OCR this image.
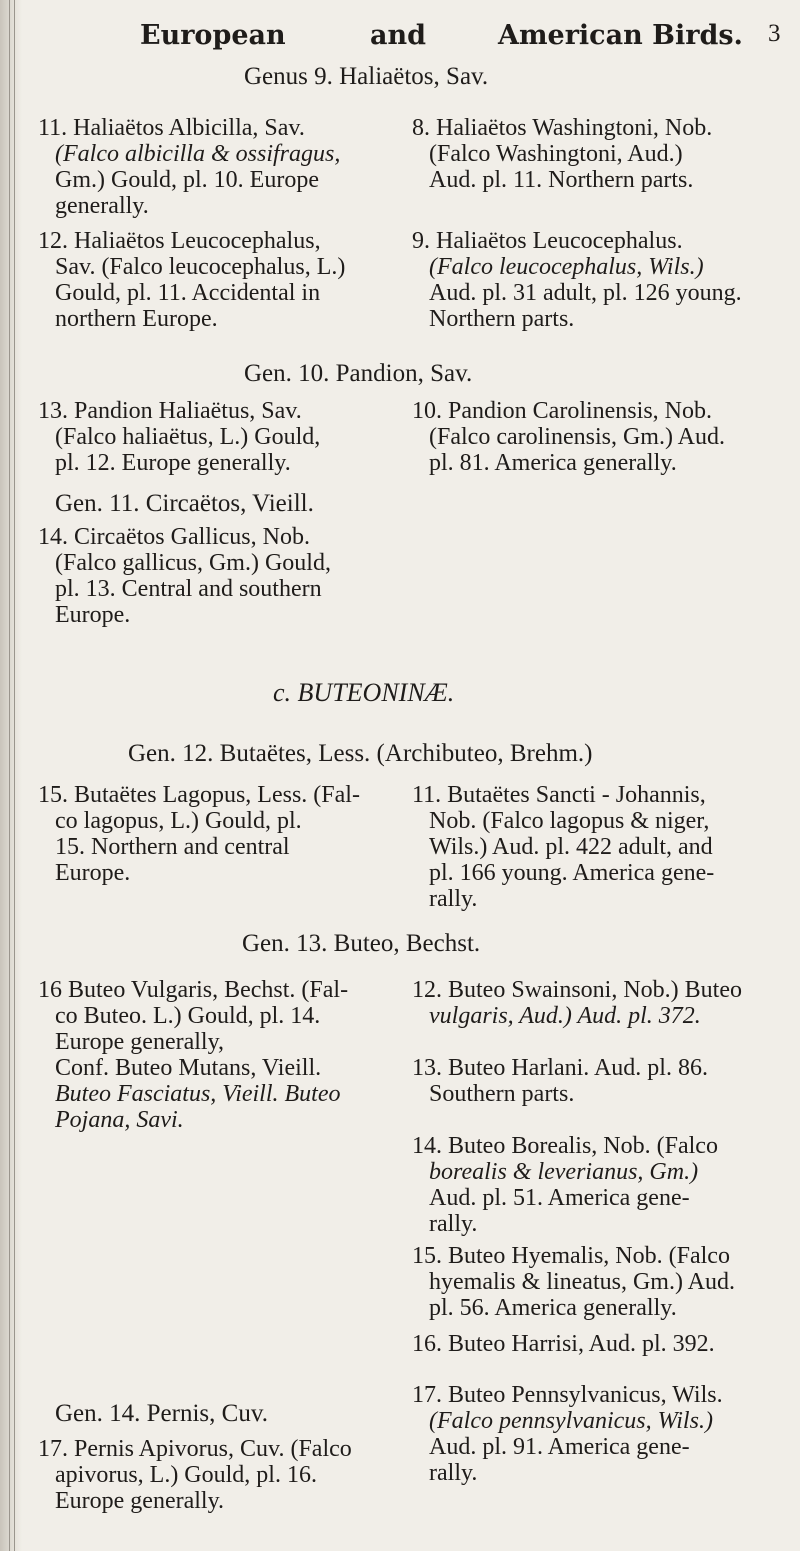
European	and	American Birds. 3
Genus 9. Haliaëtos, Sav.
11. Haliaëtos Albicilla, Sav.
(Falco albicilla & ossifragus,
Gm.) Gould, pl. 10. Europe
generally.
12. Haliaëtos Leucocephalus,
Sav. (Falco leucocephalus, L.)
Gould, pl. 11. Accidental in
northern Europe.
Gen. 10. Pandion, Sav.
13. Pandion Haliaëtus, Sav.
(Falco haliaëtus, L.) Gould,
pl. 12. Europe generally.
Gen. 11. Circaëtos, Vieill.
14. Circaëtos Gallicus, Nob.
(Falco gallicus, Gm.) Gould,
pl. 13. Central and southern
Europe.
c. BUTEONINÆ.
Gen. 12. Butaëtes, Less. (Archibuteo, Brehm.)
15. Butaëtes Lagopus, Less. (Fal-
co lagopus, L.) Gould, pl.
15. Northern and central
Europe.
Gen. 13. Buteo, Bechst.
16 Buteo Vulgaris, Bechst. (Fal-
co Buteo. L.) Gould, pl. 14.
Europe generally,
Conf. Buteo Mutans, Vieill.
Buteo Fasciatus, Vieill. Buteo
Pojana, Savi.
Gen. 14. Pernis, Cuv.
17. Pernis Apivorus, Cuv. (Falco
apivorus, L.) Gould, pl. 16.
Europe generally.
8. Haliaëtos Washingtoni, Nob.
(Falco Washingtoni, Aud.)
Aud. pl. 11. Northern parts.
9. Haliaëtos Leucocephalus.
(Falco leucocephalus, Wils.)
Aud. pl. 31 adult, pl. 126 young.
Northern parts.
10. Pandion Carolinensis, Nob.
(Falco carolinensis, Gm.) Aud.
pl. 81. America generally.
11. Butaëtes Sancti - Johannis,
Nob. (Falco lagopus & niger,
Wils.) Aud. pl. 422 adult, and
pl. 166 young. America gene-
rally.
12. Buteo Swainsoni, Nob.) Buteo
vulgaris, Aud.) Aud. pl. 372.
13. Buteo Harlani. Aud. pl. 86.
Southern parts.
14. Buteo Borealis, Nob. (Falco
borealis & leverianus, Gm.)
Aud. pl. 51. America gene-
rally.
15. Buteo Hyemalis, Nob. (Falco
hyemalis & lineatus, Gm.) Aud.
pl. 56. America generally.
16. Buteo Harrisi, Aud. pl. 392.
17. Buteo Pennsylvanicus, Wils.
(Falco pennsylvanicus, Wils.)
Aud. pl. 91. America gene-
rally.
